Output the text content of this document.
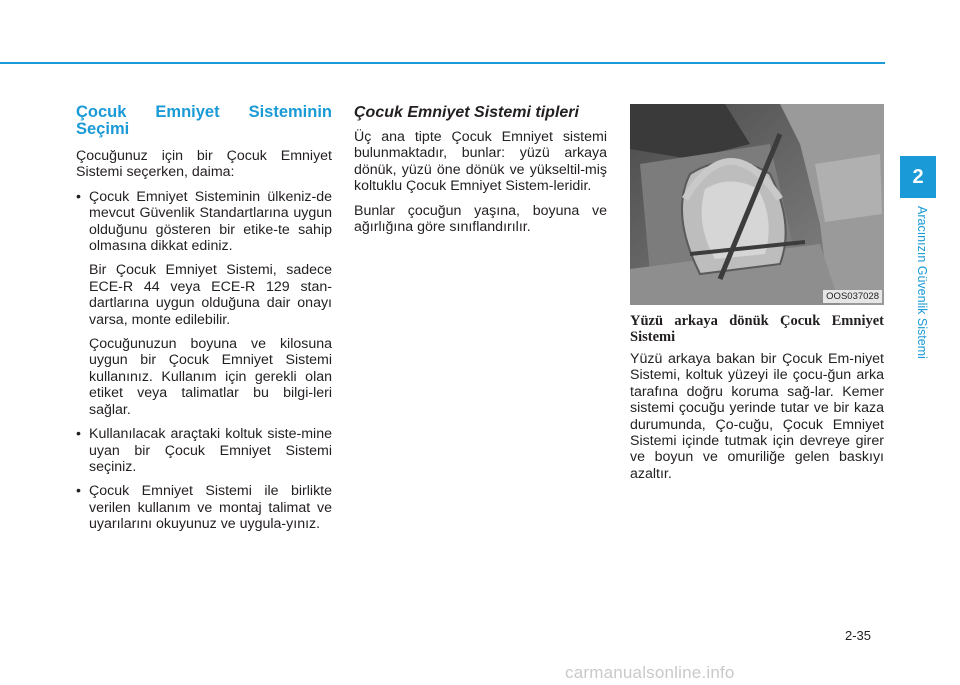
Çocuk Emniyet Sisteminin Seçimi

Çocuğunuz için bir Çocuk Emniyet Sistemi seçerken, daima:

• Çocuk Emniyet Sisteminin ülkeniz-de mevcut Güvenlik Standartlarına uygun olduğunu gösteren bir etike-te sahip olmasına dikkat ediniz.

Bir Çocuk Emniyet Sistemi, sadece ECE-R 44 veya ECE-R 129 stan-dartlarına uygun olduğuna dair onayı varsa, monte edilebilir.

Çocuğunuzun boyuna ve kilosuna uygun bir Çocuk Emniyet Sistemi kullanınız. Kullanım için gerekli olan etiket veya talimatlar bu bilgi-leri sağlar.

• Kullanılacak araçtaki koltuk siste-mine uyan bir Çocuk Emniyet Sistemi seçiniz.
• Çocuk Emniyet Sistemi ile birlikte verilen kullanım ve montaj talimat ve uyarılarını okuyunuz ve uygula-yınız.
Çocuk Emniyet Sistemi tipleri

Üç ana tipte Çocuk Emniyet sistemi bulunmaktadır, bunlar: yüzü arkaya dönük, yüzü öne dönük ve yükseltil-miş koltuklu Çocuk Emniyet Sistem-leridir.

Bunlar çocuğun yaşına, boyuna ve ağırlığına göre sınıflandırılır.

OOS037028
Yüzü arkaya dönük Çocuk Emniyet Sistemi

Yüzü arkaya bakan bir Çocuk Em-niyet Sistemi, koltuk yüzeyi ile çocu-ğun arka tarafına doğru koruma sağ-lar. Kemer sistemi çocuğu yerinde tutar ve bir kaza durumunda, Ço-cuğu, Çocuk Emniyet Sistemi içinde tutmak için devreye girer ve boyun ve omuriliğe gelen baskıyı azaltır.

2
Aracınızın Güvenlik Sistemi
2-35
carmanualsonline.info
